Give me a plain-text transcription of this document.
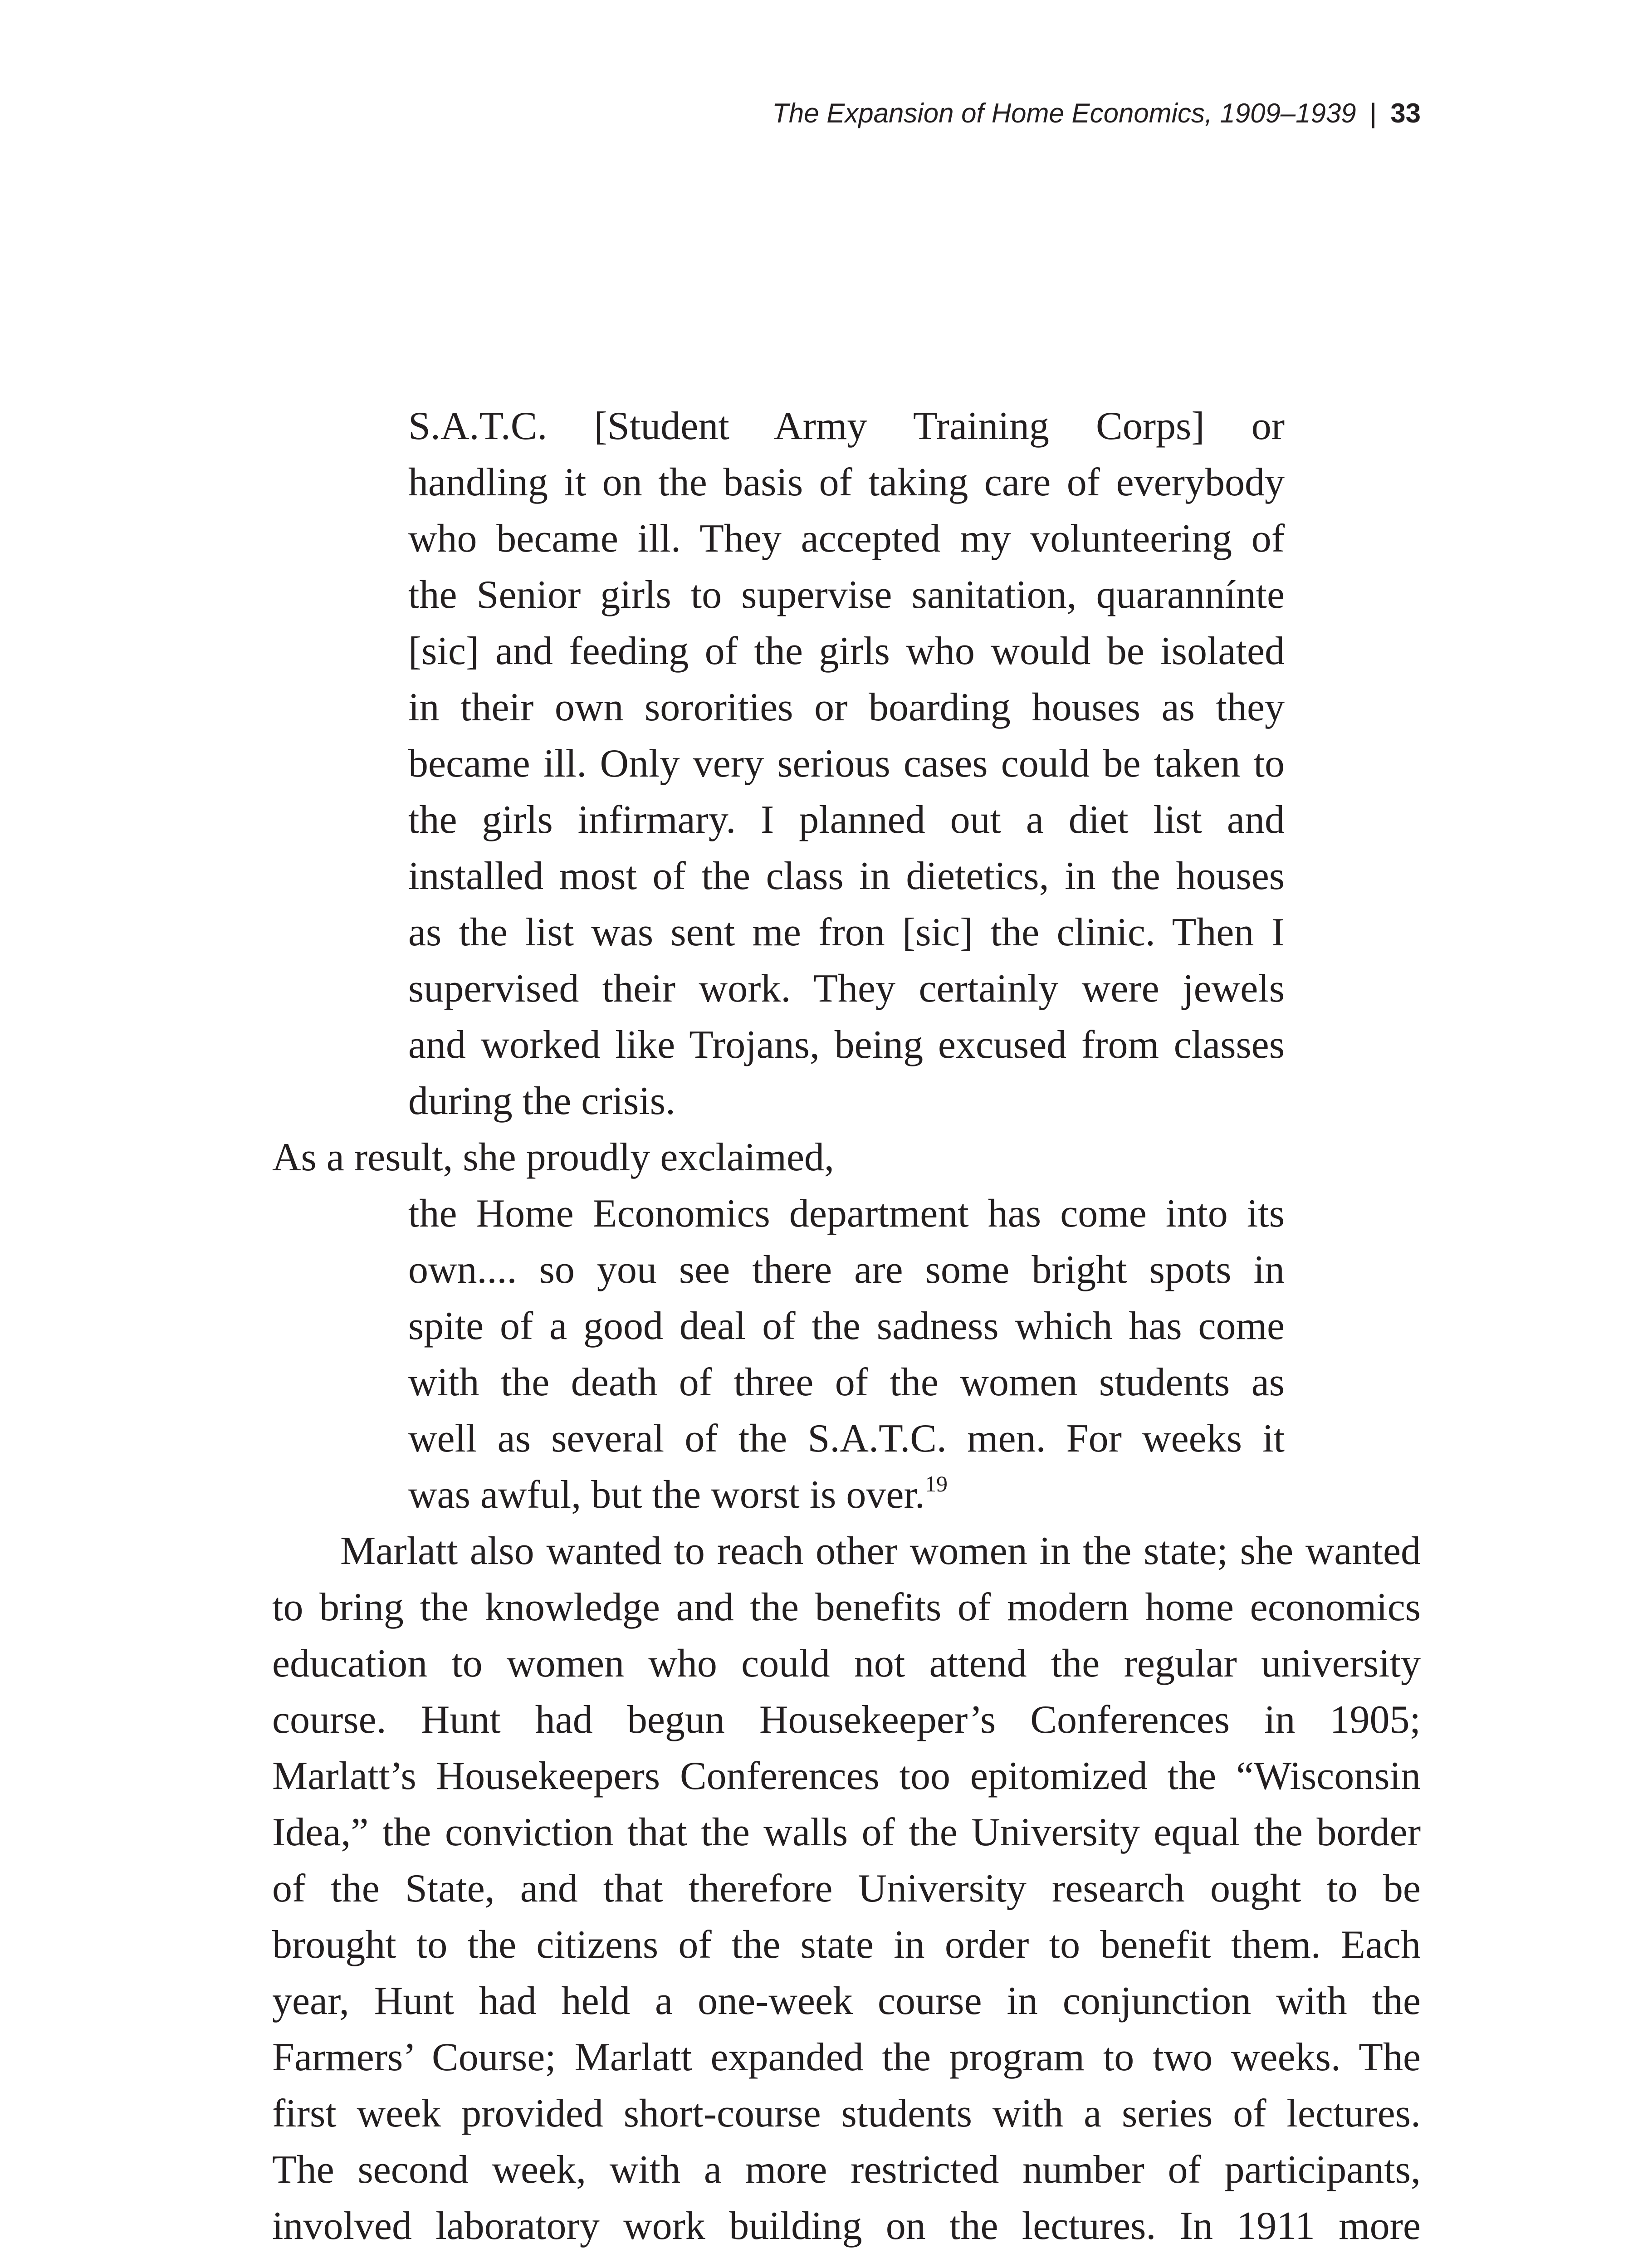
The Expansion of Home Economics, 1909–1939 | 33
S.A.T.C. [Student Army Training Corps] or
handling it on the basis of taking care of everybody
who became ill. They accepted my volunteering of
the Senior girls to supervise sanitation, quarannínte
[sic] and feeding of the girls who would be isolated
in their own sororities or boarding houses as they
became ill. Only very serious cases could be taken to
the girls infirmary. I planned out a diet list and
installed most of the class in dietetics, in the houses
as the list was sent me fron [sic] the clinic. Then I
supervised their work. They certainly were jewels
and worked like Trojans, being excused from classes
during the crisis.

As a result, she proudly exclaimed,

the Home Economics department has come into its
own.... so you see there are some bright spots in
spite of a good deal of the sadness which has come
with the death of three of the women students as
well as several of the S.A.T.C. men. For weeks it
was awful, but the worst is over.$^{19}$
Marlatt also wanted to reach other women in the state; she wanted
to bring the knowledge and the benefits of modern home economics
education to women who could not attend the regular university
course. Hunt had begun Housekeeper’s Conferences in 1905;
Marlatt’s Housekeepers Conferences too epitomized the “Wisconsin
Idea,” the conviction that the walls of the University equal the border
of the State, and that therefore University research ought to be
brought to the citizens of the state in order to benefit them. Each
year, Hunt had held a one-week course in conjunction with the
Farmers’ Course; Marlatt expanded the program to two weeks. The
first week provided short-course students with a series of lectures.
The second week, with a more restricted number of participants,
involved laboratory work building on the lectures. In 1911 more
